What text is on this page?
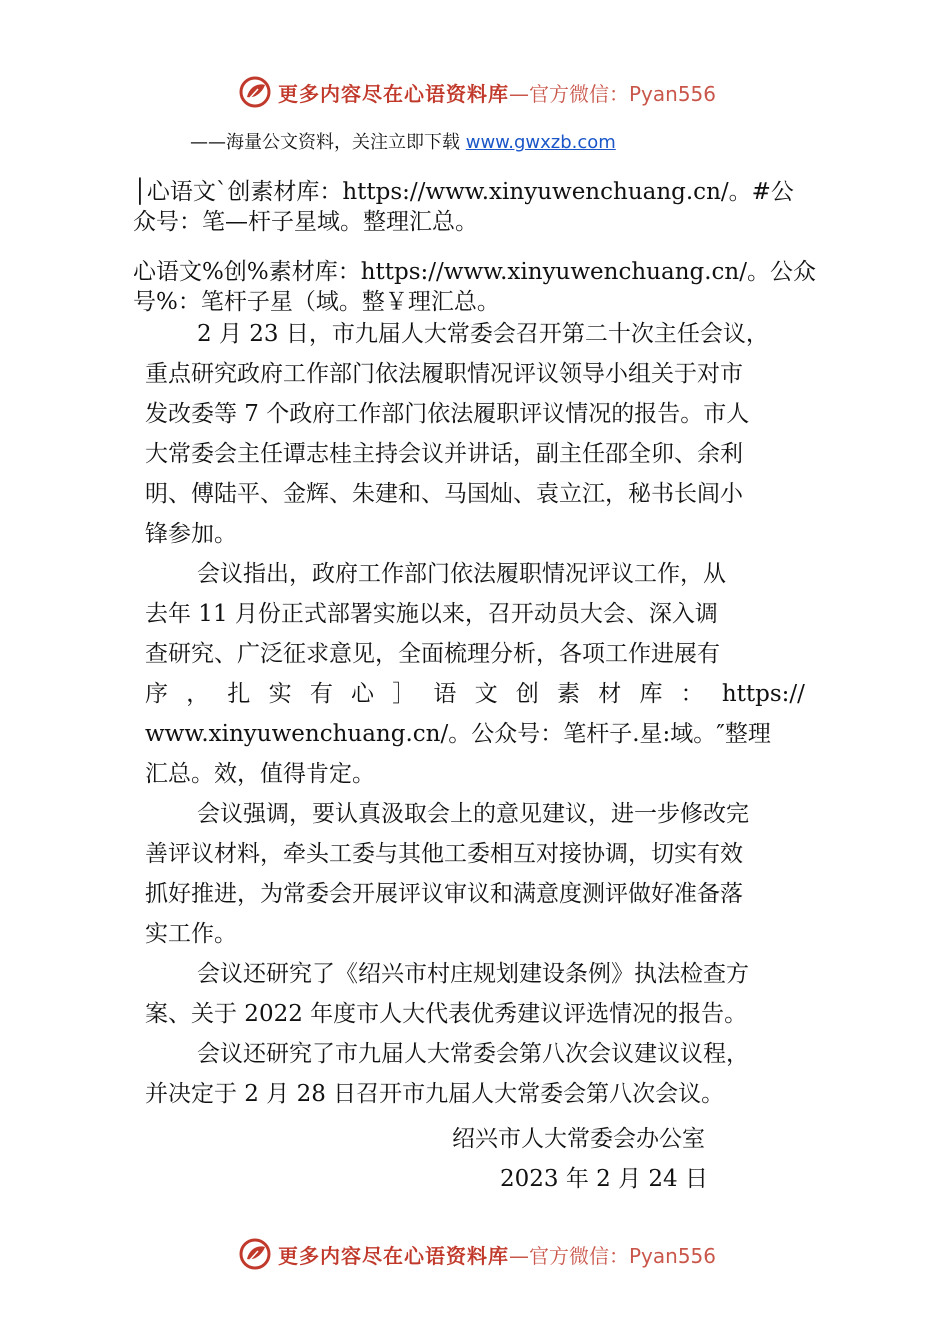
更多内容尽在心语资料库 —官方微信：Pyan556
——海量公文资料，关注立即下载 www.gwxzb.com
│心语文`创素材库：https://www.xinyuwenchuang.cn/。#公
众号：笔—杆子星域。整理汇总。
心语文%创%素材库：https://www.xinyuwenchuang.cn/。公众
号%：笔杆子星（域。整￥理汇总。
2 月 23 日，市九届人大常委会召开第二十次主任会议，
重点研究政府工作部门依法履职情况评议领导小组关于对市
发改委等 7 个政府工作部门依法履职评议情况的报告。市人
大常委会主任谭志桂主持会议并讲话，副主任邵全卯、余利
明、傅陆平、金辉、朱建和、马国灿、袁立江，秘书长闾小
锋参加。
会议指出，政府工作部门依法履职情况评议工作，从
去年 11 月份正式部署实施以来，召开动员大会、深入调
查研究、广泛征求意见，全面梳理分析，各项工作进展有
序 ， 扎 实 有 心 ］ 语 文 创 素 材 库 ： https://
www.xinyuwenchuang.cn/。公众号：笔杆子.星:域。″整理
汇总。效，值得肯定。
会议强调，要认真汲取会上的意见建议，进一步修改完
善评议材料，牵头工委与其他工委相互对接协调，切实有效
抓好推进，为常委会开展评议审议和满意度测评做好准备落
实工作。
会议还研究了《绍兴市村庄规划建设条例》执法检查方
案、关于 2022 年度市人大代表优秀建议评选情况的报告。
会议还研究了市九届人大常委会第八次会议建议议程，
并决定于 2 月 28 日召开市九届人大常委会第八次会议。
绍兴市人大常委会办公室
2023 年 2 月 24 日
更多内容尽在心语资料库 —官方微信：Pyan556
